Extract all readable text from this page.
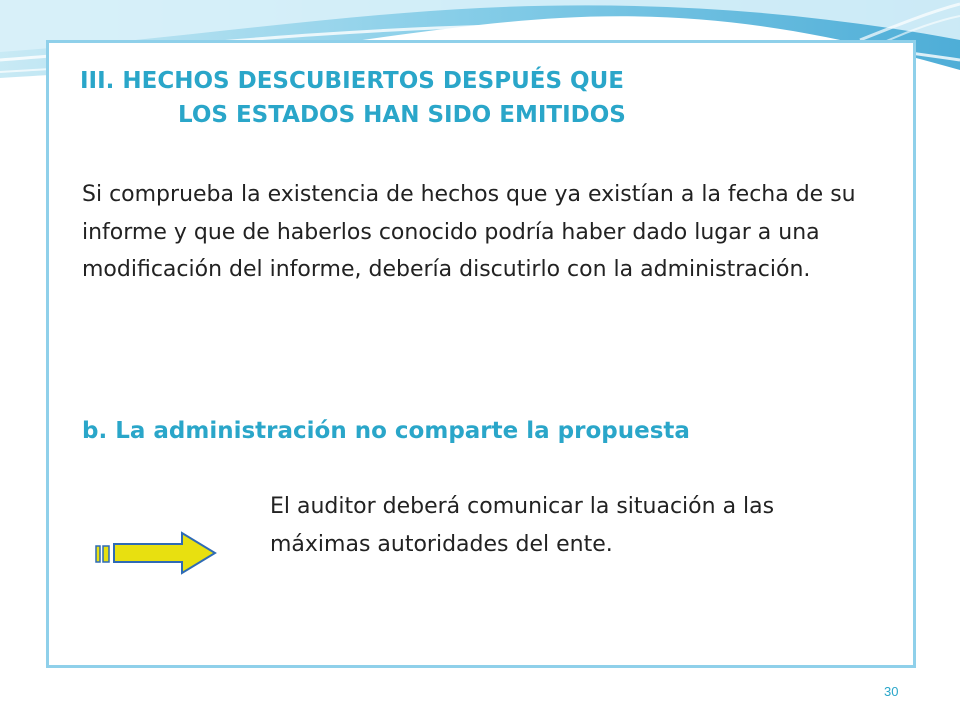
III. HECHOS DESCUBIERTOS DESPUÉS QUE
LOS ESTADOS HAN SIDO EMITIDOS
Si comprueba la existencia de hechos que ya existían a la fecha de su informe y que de haberlos conocido podría haber dado lugar a una modificación del informe, debería discutirlo con la administración.
b. La administración no comparte la propuesta
El auditor deberá comunicar la situación a las máximas autoridades del ente.
30
